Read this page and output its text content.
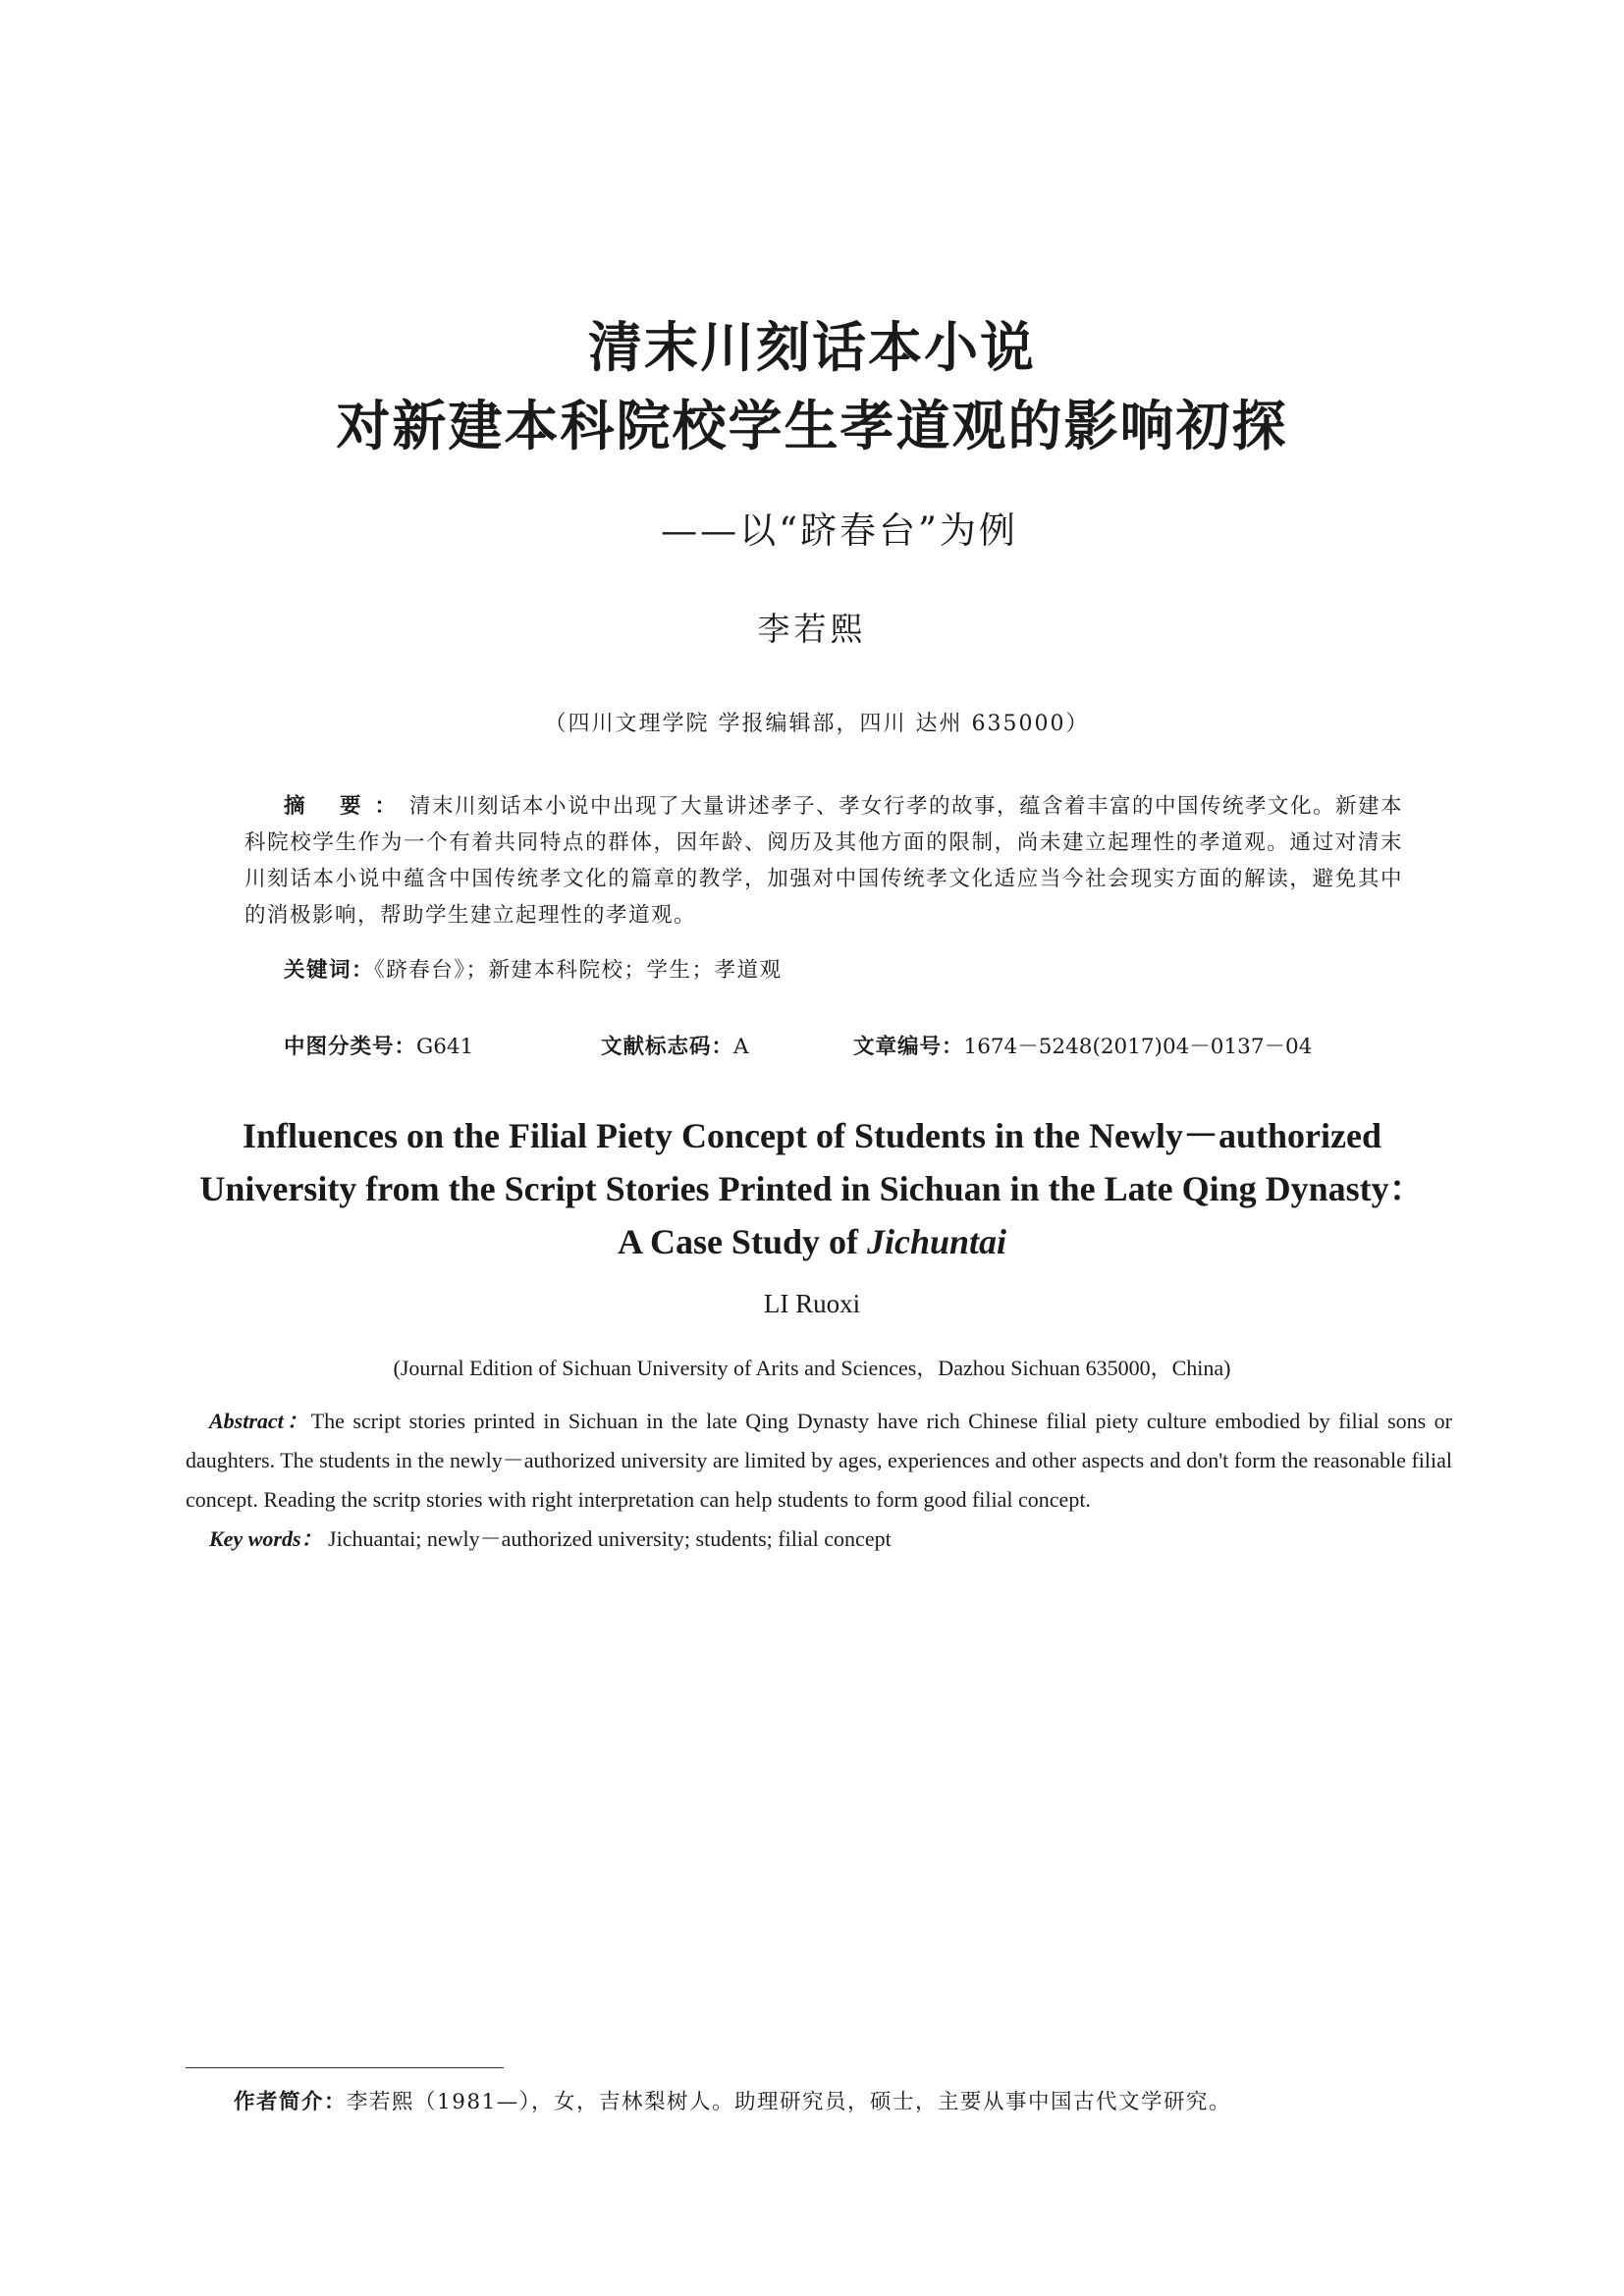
清末川刻话本小说
对新建本科院校学生孝道观的影响初探
——以“跻春台”为例
李若熙
（四川文理学院 学报编辑部，四川 达州 635000）
摘 要：清末川刻话本小说中出现了大量讲述孝子、孝女行孝的故事，蕴含着丰富的中国传统孝文化。新建本科院校学生作为一个有着共同特点的群体，因年龄、阅历及其他方面的限制，尚未建立起理性的孝道观。通过对清末川刻话本小说中蕴含中国传统孝文化的篇章的教学，加强对中国传统孝文化适应当今社会现实方面的解读，避免其中的消极影响，帮助学生建立起理性的孝道观。
关键词：《跻春台》；新建本科院校；学生；孝道观
中图分类号：G641	文献标志码：A	文章编号：1674－5248(2017)04－0137－04
Influences on the Filial Piety Concept of Students in the Newly－authorized
University from the Script Stories Printed in Sichuan in the Late Qing Dynasty：
A Case Study of Jichuntai
LI Ruoxi
(Journal Edition of Sichuan University of Arits and Sciences，Dazhou Sichuan 635000，China)
Abstract：The script stories printed in Sichuan in the late Qing Dynasty have rich Chinese filial piety culture embodied by filial sons or daughters. The students in the newly－authorized university are limited by ages, experiences and other aspects and don't form the reasonable filial concept. Reading the scritp stories with right interpretation can help students to form good filial concept.
Key words： Jichuantai; newly－authorized university; students; filial concept
作者简介：李若熙（1981—），女，吉林梨树人。助理研究员，硕士，主要从事中国古代文学研究。
